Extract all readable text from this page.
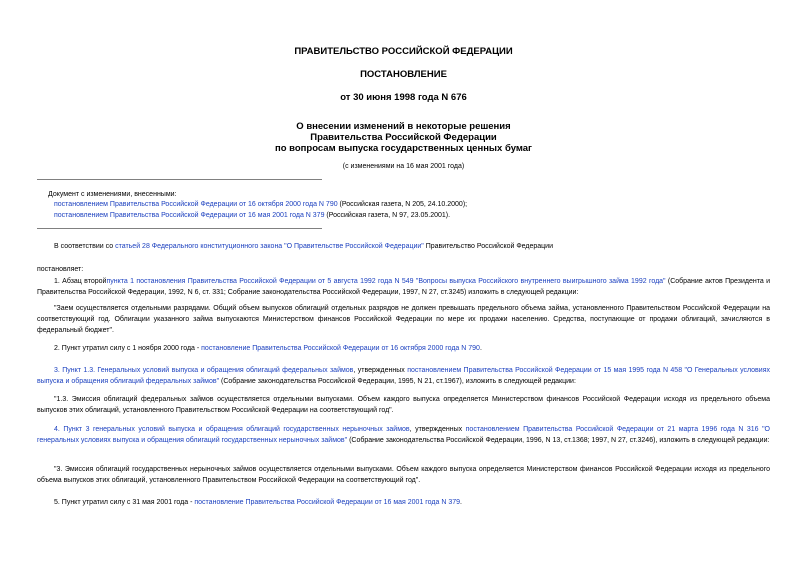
ПРАВИТЕЛЬСТВО РОССИЙСКОЙ ФЕДЕРАЦИИ
ПОСТАНОВЛЕНИЕ
от 30 июня 1998 года N 676
О внесении изменений в некоторые решения
Правительства Российской Федерации
по вопросам выпуска государственных ценных бумаг
(с изменениями на 16 мая 2001 года)
Документ с изменениями, внесенными:
постановлением Правительства Российской Федерации от 16 октября 2000 года N 790 (Российская газета, N 205, 24.10.2000);
постановлением Правительства Российской Федерации от 16 мая 2001 года N 379 (Российская газета, N 97, 23.05.2001).
В соответствии со статьей 28 Федерального конституционного закона "О Правительстве Российской Федерации" Правительство Российской Федерации
постановляет:
1. Абзац второйпункта 1 постановления Правительства Российской Федерации от 5 августа 1992 года N 549 "Вопросы выпуска Российского внутреннего выигрышного займа 1992 года" (Собрание актов Президента и Правительства Российской Федерации, 1992, N 6, ст. 331; Собрание законодательства Российской Федерации, 1997, N 27, ст.3245) изложить в следующей редакции:
"Заем осуществляется отдельными разрядами. Общий объем выпусков облигаций отдельных разрядов не должен превышать предельного объема займа, установленного Правительством Российской Федерации на соответствующий год. Облигации указанного займа выпускаются Министерством финансов Российской Федерации по мере их продажи населению. Средства, поступающие от продажи облигаций, зачисляются в федеральный бюджет".
2. Пункт утратил силу с 1 ноября 2000 года - постановление Правительства Российской Федерации от 16 октября 2000 года N 790.
3. Пункт 1.3. Генеральных условий выпуска и обращения облигаций федеральных займов, утвержденных постановлением Правительства Российской Федерации от 15 мая 1995 года N 458 "О Генеральных условиях выпуска и обращения облигаций федеральных займов" (Собрание законодательства Российской Федерации, 1995, N 21, ст.1967), изложить в следующей редакции:
"1.3. Эмиссия облигаций федеральных займов осуществляется отдельными выпусками. Объем каждого выпуска определяется Министерством финансов Российской Федерации исходя из предельного объема выпусков этих облигаций, установленного Правительством Российской Федерации на соответствующий год".
4. Пункт 3 генеральных условий выпуска и обращения облигаций государственных нерыночных займов, утвержденных постановлением Правительства Российской Федерации от 21 марта 1996 года N 316 "О генеральных условиях выпуска и обращения облигаций государственных нерыночных займов" (Собрание законодательства Российской Федерации, 1996, N 13, ст.1368; 1997, N 27, ст.3246), изложить в следующей редакции:
"3. Эмиссия облигаций государственных нерыночных займов осуществляется отдельными выпусками. Объем каждого выпуска определяется Министерством финансов Российской Федерации исходя из предельного объема выпусков этих облигаций, установленного Правительством Российской Федерации на соответствующий год".
5. Пункт утратил силу с 31 мая 2001 года - постановление Правительства Российской Федерации от 16 мая 2001 года N 379.
